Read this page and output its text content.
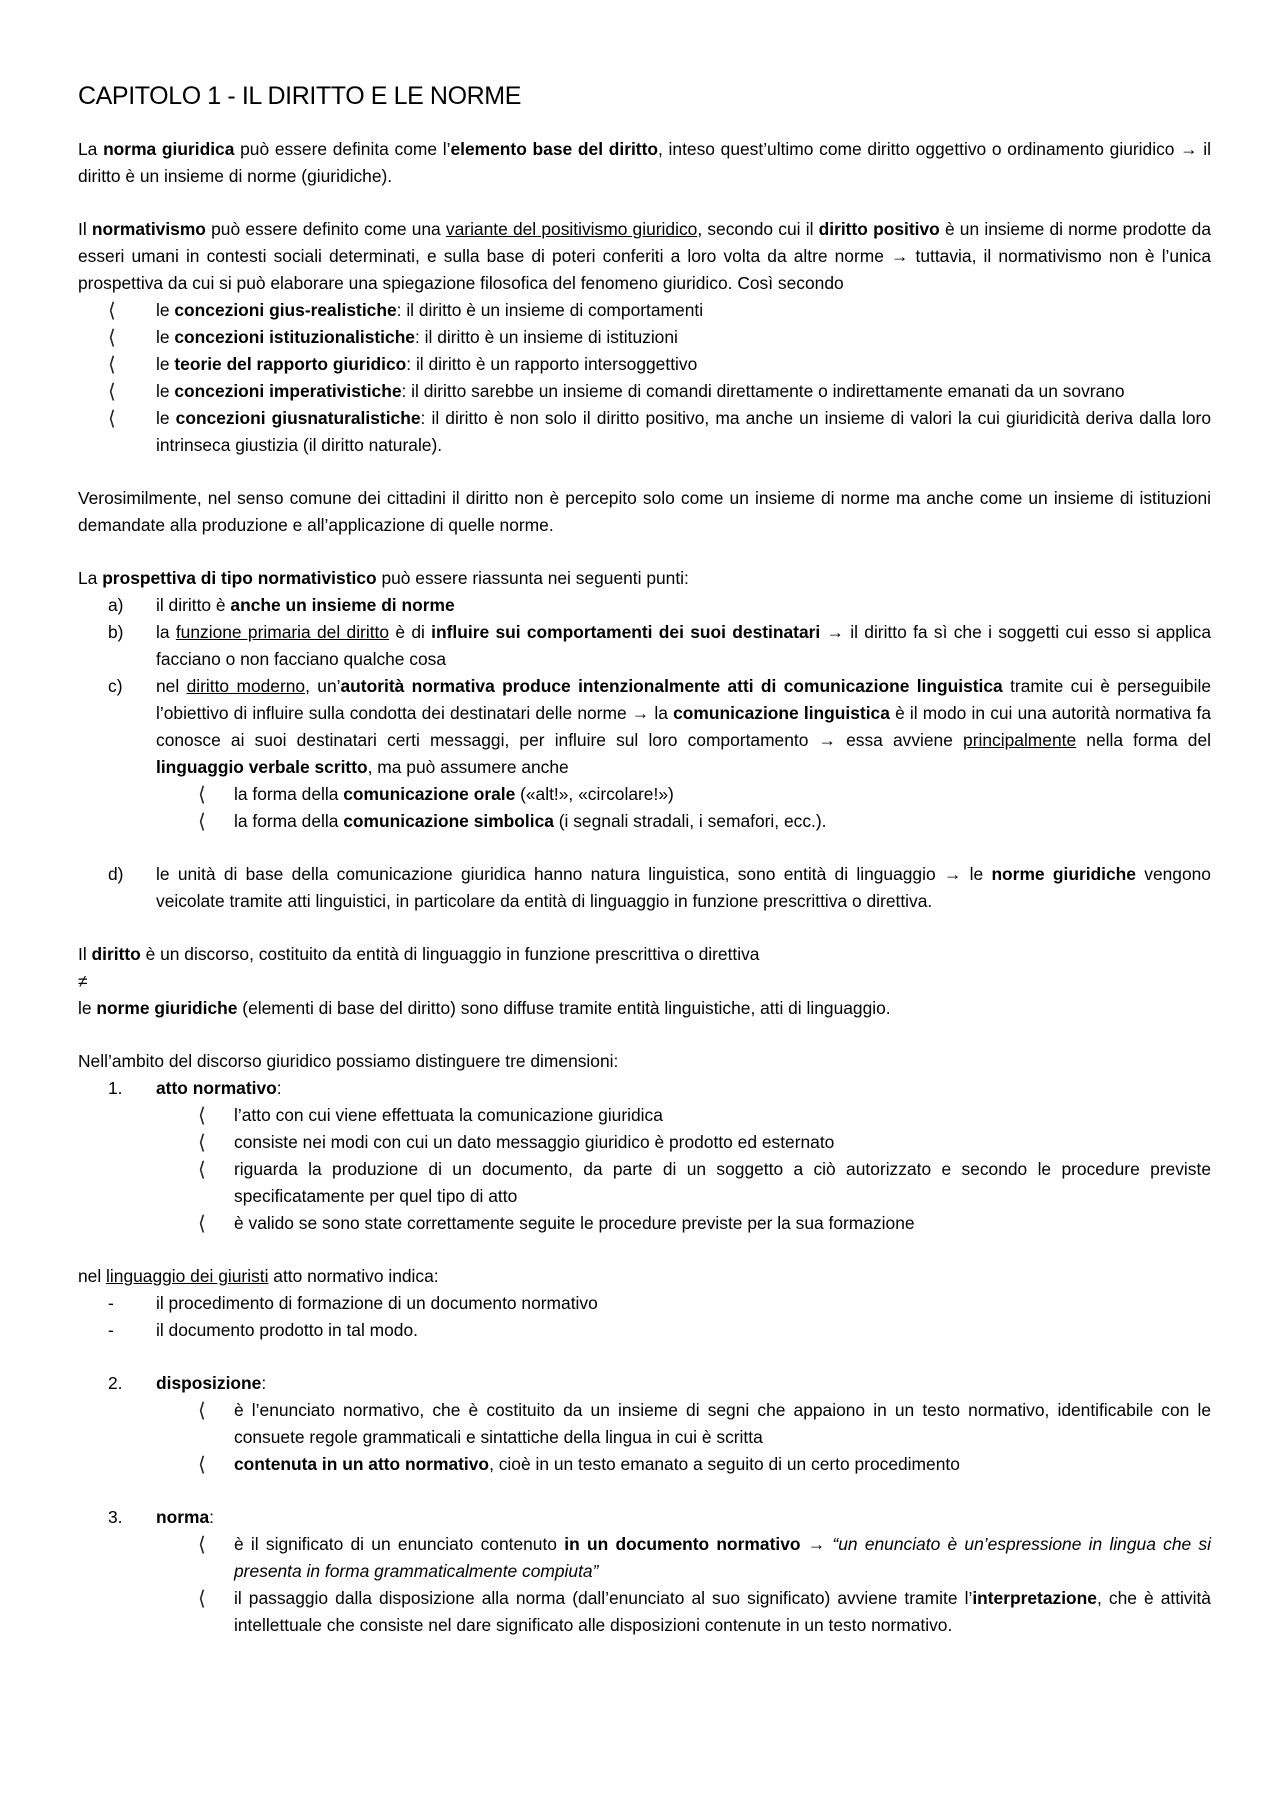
CAPITOLO 1 - IL DIRITTO E LE NORME

La norma giuridica può essere definita come l’elemento base del diritto, inteso quest’ultimo come diritto oggettivo o ordinamento giuridico → il diritto è un insieme di norme (giuridiche).

Il normativismo può essere definito come una variante del positivismo giuridico, secondo cui il diritto positivo è un insieme di norme prodotte da esseri umani in contesti sociali determinati, e sulla base di poteri conferiti a loro volta da altre norme → tuttavia, il normativismo non è l’unica prospettiva da cui si può elaborare una spiegazione filosofica del fenomeno giuridico. Così secondo

⟨	le concezioni gius-realistiche: il diritto è un insieme di comportamenti
⟨	le concezioni istituzionalistiche: il diritto è un insieme di istituzioni
⟨	le teorie del rapporto giuridico: il diritto è un rapporto intersoggettivo
⟨	le concezioni imperativistiche: il diritto sarebbe un insieme di comandi direttamente o indirettamente emanati da un sovrano
⟨	le concezioni giusnaturalistiche: il diritto è non solo il diritto positivo, ma anche un insieme di valori la cui giuridicità deriva dalla loro intrinseca giustizia (il diritto naturale).

Verosimilmente, nel senso comune dei cittadini il diritto non è percepito solo come un insieme di norme ma anche come un insieme di istituzioni demandate alla produzione e all’applicazione di quelle norme.

La prospettiva di tipo normativistico può essere riassunta nei seguenti punti:

a)	il diritto è anche un insieme di norme
b)	la funzione primaria del diritto è di influire sui comportamenti dei suoi destinatari → il diritto fa sì che i soggetti cui esso si applica facciano o non facciano qualche cosa
c)	nel diritto moderno, un’autorità normativa produce intenzionalmente atti di comunicazione linguistica tramite cui è perseguibile l’obiettivo di influire sulla condotta dei destinatari delle norme → la comunicazione linguistica è il modo in cui una autorità normativa fa conosce ai suoi destinatari certi messaggi, per influire sul loro comportamento → essa avviene principalmente nella forma del linguaggio verbale scritto, ma può assumere anche
⟨	la forma della comunicazione orale («alt!», «circolare!»)
⟨	la forma della comunicazione simbolica (i segnali stradali, i semafori, ecc.).
d)	le unità di base della comunicazione giuridica hanno natura linguistica, sono entità di linguaggio → le norme giuridiche vengono veicolate tramite atti linguistici, in particolare da entità di linguaggio in funzione prescrittiva o direttiva.

Il diritto è un discorso, costituito da entità di linguaggio in funzione prescrittiva o direttiva

≠

le norme giuridiche (elementi di base del diritto) sono diffuse tramite entità linguistiche, atti di linguaggio.

Nell’ambito del discorso giuridico possiamo distinguere tre dimensioni:

1.	atto normativo:
⟨	l’atto con cui viene effettuata la comunicazione giuridica
⟨	consiste nei modi con cui un dato messaggio giuridico è prodotto ed esternato
⟨	riguarda la produzione di un documento, da parte di un soggetto a ciò autorizzato e secondo le procedure previste specificatamente per quel tipo di atto
⟨	è valido se sono state correttamente seguite le procedure previste per la sua formazione

nel linguaggio dei giuristi atto normativo indica:

-	il procedimento di formazione di un documento normativo
-	il documento prodotto in tal modo.
2.	disposizione:
⟨	è l’enunciato normativo, che è costituito da un insieme di segni che appaiono in un testo normativo, identificabile con le consuete regole grammaticali e sintattiche della lingua in cui è scritta
⟨	contenuta in un atto normativo, cioè in un testo emanato a seguito di un certo procedimento
3.	norma:
⟨	è il significato di un enunciato contenuto in un documento normativo → “un enunciato è un’espressione in lingua che si presenta in forma grammaticalmente compiuta”
⟨	il passaggio dalla disposizione alla norma (dall’enunciato al suo significato) avviene tramite l’interpretazione, che è attività intellettuale che consiste nel dare significato alle disposizioni contenute in un testo normativo.
